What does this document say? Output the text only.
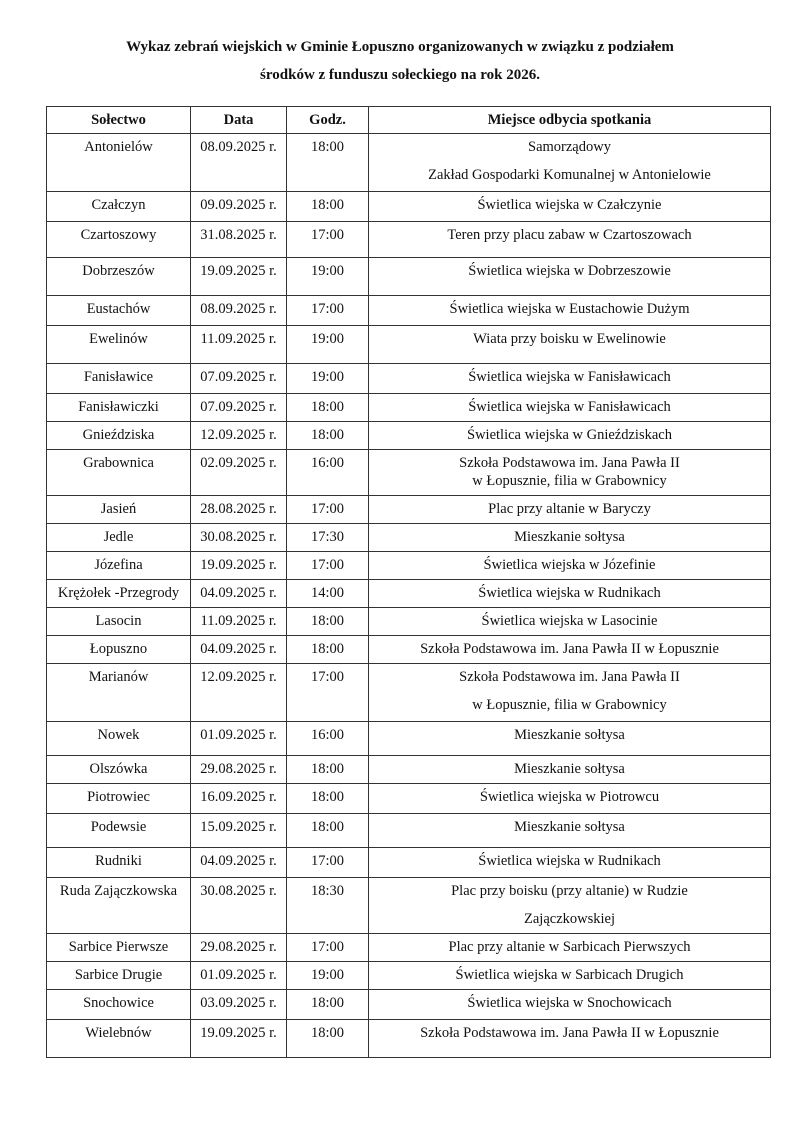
Wykaz zebrań wiejskich w Gminie Łopuszno organizowanych w związku z podziałem
środków z funduszu sołeckiego na rok 2026.
Sołectwo	Data	Godz.	Miejsce odbycia spotkania
Antonielów	08.09.2025 r.	18:00	Samorządowy
Zakład Gospodarki Komunalnej w Antonielowie

Czałczyn	09.09.2025 r.	18:00	Świetlica wiejska w Czałczynie

Czartoszowy	31.08.2025 r.	17:00	Teren przy placu zabaw w Czartoszowach

Dobrzeszów	19.09.2025 r.	19:00	Świetlica wiejska w Dobrzeszowie

Eustachów	08.09.2025 r.	17:00	Świetlica wiejska w Eustachowie Dużym

Ewelinów	11.09.2025 r.	19:00	Wiata przy boisku w Ewelinowie

Fanisławice	07.09.2025 r.	19:00	Świetlica wiejska w Fanisławicach

Fanisławiczki	07.09.2025 r.	18:00	Świetlica wiejska w Fanisławicach

Gnieździska	12.09.2025 r.	18:00	Świetlica wiejska w Gnieździskach

Grabownica	02.09.2025 r.	16:00	Szkoła Podstawowa im. Jana Pawła II
w Łopusznie, filia w Grabownicy

Jasień	28.08.2025 r.	17:00	Plac przy altanie w Baryczy

Jedle	30.08.2025 r.	17:30	Mieszkanie sołtysa

Józefina	19.09.2025 r.	17:00	Świetlica wiejska w Józefinie

Krężołek -Przegrody	04.09.2025 r.	14:00	Świetlica wiejska w Rudnikach

Lasocin	11.09.2025 r.	18:00	Świetlica wiejska w Lasocinie

Łopuszno	04.09.2025 r.	18:00	Szkoła Podstawowa im. Jana Pawła II w Łopusznie

Marianów	12.09.2025 r.	17:00	Szkoła Podstawowa im. Jana Pawła II
w Łopusznie, filia w Grabownicy

Nowek	01.09.2025 r.	16:00	Mieszkanie sołtysa

Olszówka	29.08.2025 r.	18:00	Mieszkanie sołtysa

Piotrowiec	16.09.2025 r.	18:00	Świetlica wiejska w Piotrowcu

Podewsie	15.09.2025 r.	18:00	Mieszkanie sołtysa

Rudniki	04.09.2025 r.	17:00	Świetlica wiejska w Rudnikach

Ruda Zajączkowska	30.08.2025 r.	18:30	Plac przy boisku (przy altanie) w Rudzie
Zajączkowskiej

Sarbice Pierwsze	29.08.2025 r.	17:00	Plac przy altanie w Sarbicach Pierwszych

Sarbice Drugie	01.09.2025 r.	19:00	Świetlica wiejska w Sarbicach Drugich

Snochowice	03.09.2025 r.	18:00	Świetlica wiejska w Snochowicach

Wielebnów	19.09.2025 r.	18:00	Szkoła Podstawowa im. Jana Pawła II w Łopusznie
